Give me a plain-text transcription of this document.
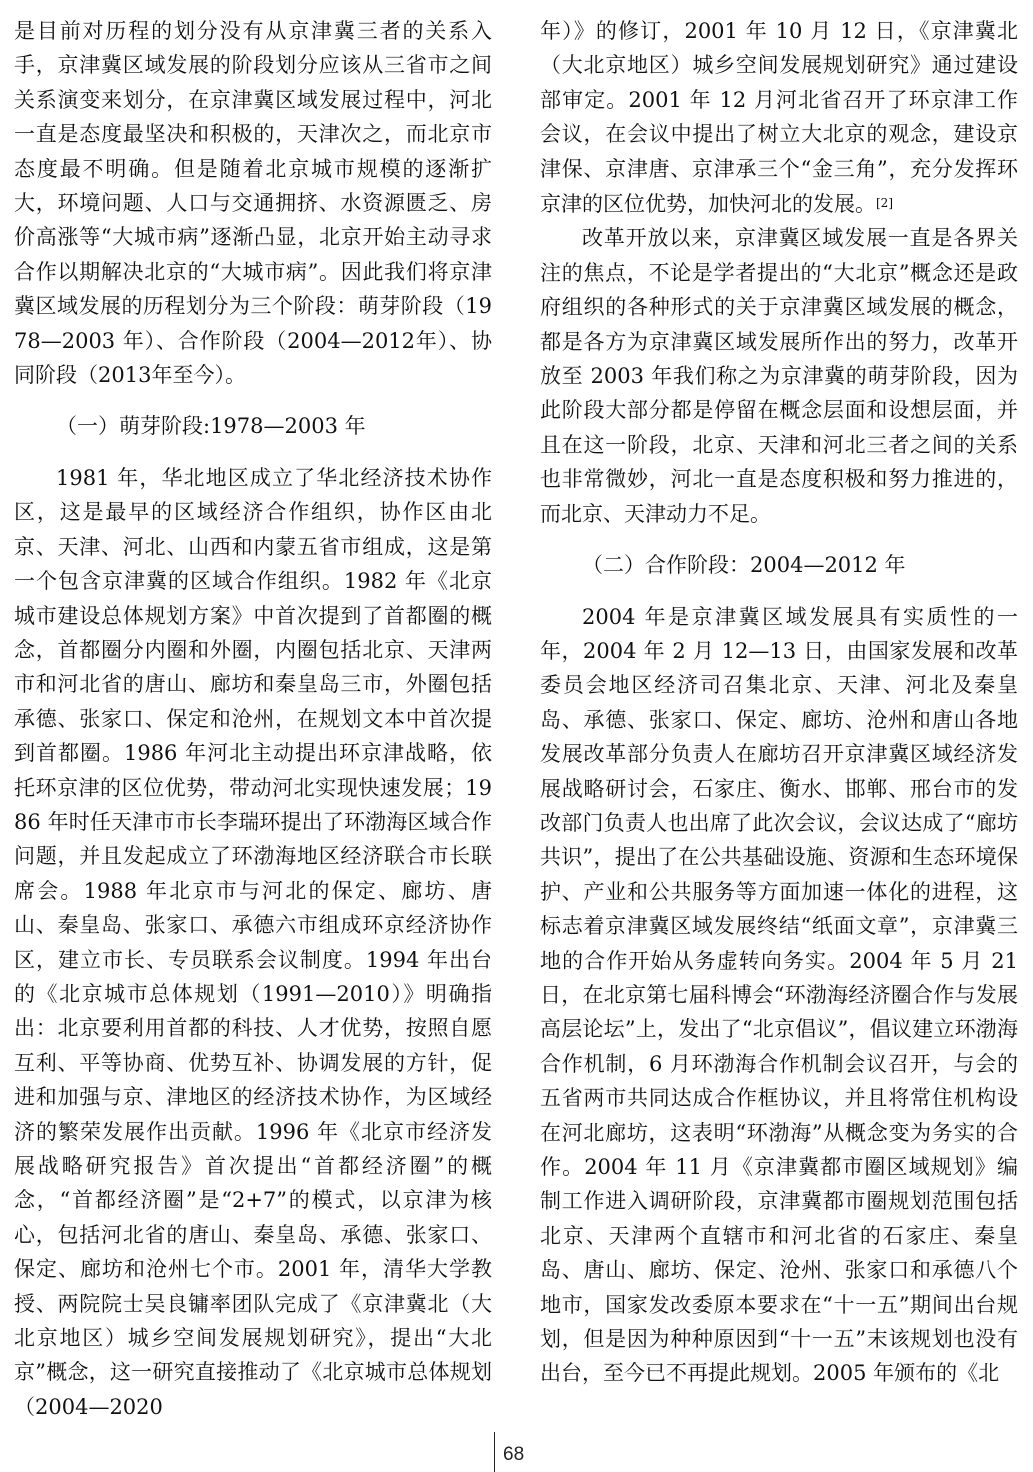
是目前对历程的划分没有从京津冀三者的关系入手，京津冀区域发展的阶段划分应该从三省市之间关系演变来划分，在京津冀区域发展过程中，河北一直是态度最坚决和积极的，天津次之，而北京市态度最不明确。但是随着北京城市规模的逐渐扩大，环境问题、人口与交通拥挤、水资源匮乏、房价高涨等“大城市病”逐渐凸显，北京开始主动寻求合作以期解决北京的“大城市病”。因此我们将京津冀区域发展的历程划分为三个阶段：萌芽阶段（1978—2003 年）、合作阶段（2004—2012年）、协同阶段（2013年至今）。

（一）萌芽阶段:1978—2003 年

1981 年，华北地区成立了华北经济技术协作区，这是最早的区域经济合作组织，协作区由北京、天津、河北、山西和内蒙五省市组成，这是第一个包含京津冀的区域合作组织。1982 年《北京城市建设总体规划方案》中首次提到了首都圈的概念，首都圈分内圈和外圈，内圈包括北京、天津两市和河北省的唐山、廊坊和秦皇岛三市，外圈包括承德、张家口、保定和沧州，在规划文本中首次提到首都圈。1986 年河北主动提出环京津战略，依托环京津的区位优势，带动河北实现快速发展；1986 年时任天津市市长李瑞环提出了环渤海区域合作问题，并且发起成立了环渤海地区经济联合市长联席会。1988 年北京市与河北的保定、廊坊、唐山、秦皇岛、张家口、承德六市组成环京经济协作区，建立市长、专员联系会议制度。1994 年出台的《北京城市总体规划（1991—2010）》明确指出：北京要利用首都的科技、人才优势，按照自愿互利、平等协商、优势互补、协调发展的方针，促进和加强与京、津地区的经济技术协作，为区域经济的繁荣发展作出贡献。1996 年《北京市经济发展战略研究报告》首次提出“首都经济圈”的概念，“首都经济圈”是“2+7”的模式，以京津为核心，包括河北省的唐山、秦皇岛、承德、张家口、保定、廊坊和沧州七个市。2001 年，清华大学教授、两院院士吴良镛率团队完成了《京津冀北（大北京地区）城乡空间发展规划研究》，提出“大北京”概念，这一研究直接推动了《北京城市总体规划（2004—2020

年）》的修订，2001 年 10 月 12 日，《京津冀北（大北京地区）城乡空间发展规划研究》通过建设部审定。2001 年 12 月河北省召开了环京津工作会议，在会议中提出了树立大北京的观念，建设京津保、京津唐、京津承三个“金三角”，充分发挥环京津的区位优势，加快河北的发展。[2]

改革开放以来，京津冀区域发展一直是各界关注的焦点，不论是学者提出的“大北京”概念还是政府组织的各种形式的关于京津冀区域发展的概念，都是各方为京津冀区域发展所作出的努力，改革开放至 2003 年我们称之为京津冀的萌芽阶段，因为此阶段大部分都是停留在概念层面和设想层面，并且在这一阶段，北京、天津和河北三者之间的关系也非常微妙，河北一直是态度积极和努力推进的，而北京、天津动力不足。

（二）合作阶段：2004—2012 年

2004 年是京津冀区域发展具有实质性的一年，2004 年 2 月 12—13 日，由国家发展和改革委员会地区经济司召集北京、天津、河北及秦皇岛、承德、张家口、保定、廊坊、沧州和唐山各地发展改革部分负责人在廊坊召开京津冀区域经济发展战略研讨会，石家庄、衡水、邯郸、邢台市的发改部门负责人也出席了此次会议，会议达成了“廊坊共识”，提出了在公共基础设施、资源和生态环境保护、产业和公共服务等方面加速一体化的进程，这标志着京津冀区域发展终结“纸面文章”，京津冀三地的合作开始从务虚转向务实。2004 年 5 月 21 日，在北京第七届科博会“环渤海经济圈合作与发展高层论坛”上，发出了“北京倡议”，倡议建立环渤海合作机制，6 月环渤海合作机制会议召开，与会的五省两市共同达成合作框协议，并且将常住机构设在河北廊坊，这表明“环渤海”从概念变为务实的合作。2004 年 11 月《京津冀都市圈区域规划》编制工作进入调研阶段，京津冀都市圈规划范围包括北京、天津两个直辖市和河北省的石家庄、秦皇岛、唐山、廊坊、保定、沧州、张家口和承德八个地市，国家发改委原本要求在“十一五”期间出台规划，但是因为种种原因到“十一五”末该规划也没有出台，至今已不再提此规划。2005 年颁布的《北

68
